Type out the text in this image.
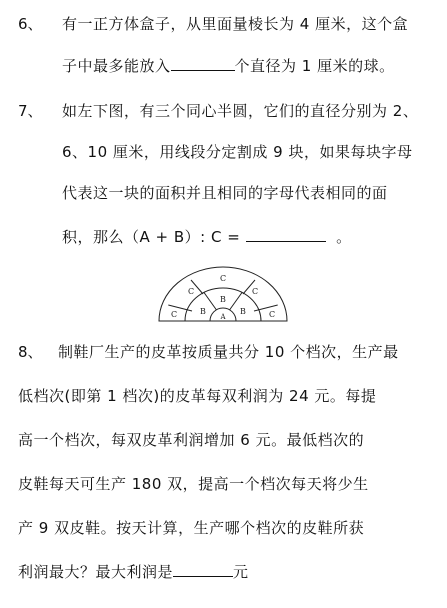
6、 有一正方体盒子，从里面量棱长为 4 厘米，这个盒
子中最多能放入	个直径为 1 厘米的球。
7、 如左下图，有三个同心半圆，它们的直径分别为 2、
6、10 厘米，用线段分定割成 9 块，如果每块字母
代表这一块的面积并且相同的字母代表相同的面
积，那么（A + B）: C =	。
C
C
C
C
C
B
B
B
A
8、 制鞋厂生产的皮革按质量共分 10 个档次，生产最
低档次(即第 1 档次)的皮革每双利润为 24 元。每提
高一个档次，每双皮革利润增加 6 元。最低档次的
皮鞋每天可生产 180 双，提高一个档次每天将少生
产 9 双皮鞋。按天计算，生产哪个档次的皮鞋所获
利润最大？最大利润是	元
